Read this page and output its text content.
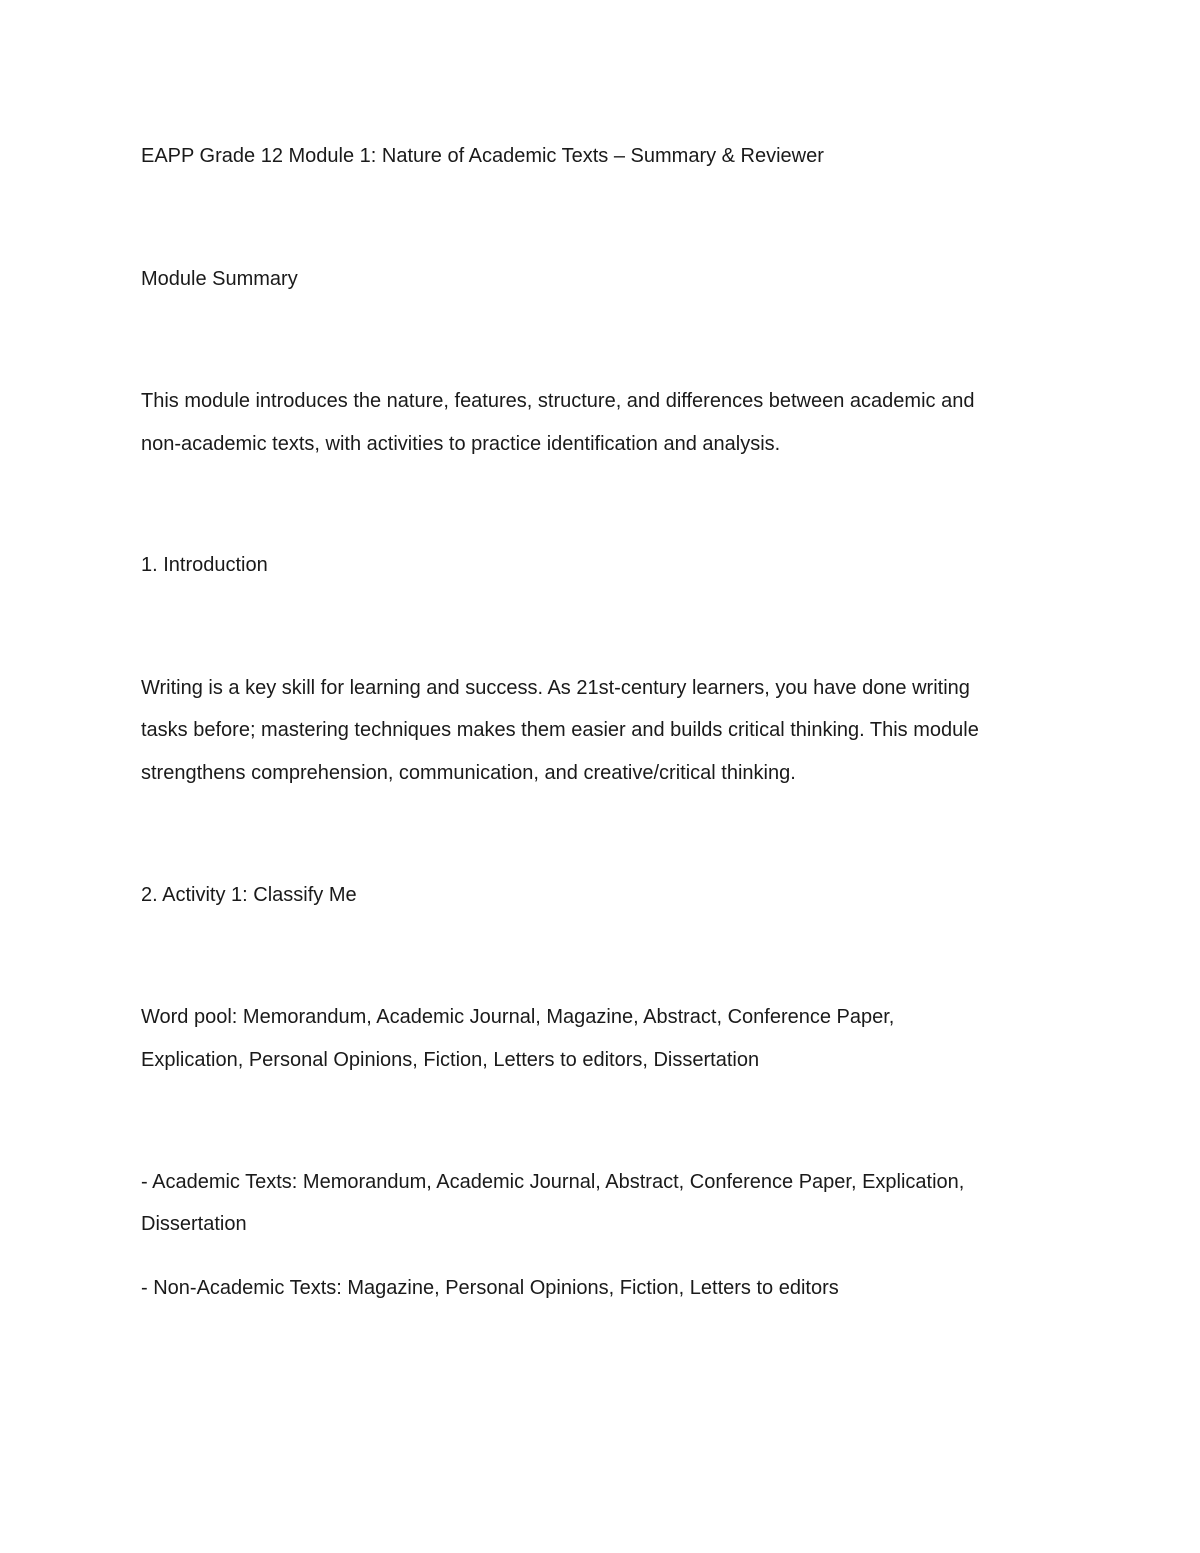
EAPP Grade 12 Module 1: Nature of Academic Texts – Summary & Reviewer

Module Summary

This module introduces the nature, features, structure, and differences between academic and

non-academic texts, with activities to practice identification and analysis.

1. Introduction

Writing is a key skill for learning and success. As 21st-century learners, you have done writing

tasks before; mastering techniques makes them easier and builds critical thinking. This module

strengthens comprehension, communication, and creative/critical thinking.

2. Activity 1: Classify Me

Word pool: Memorandum, Academic Journal, Magazine, Abstract, Conference Paper,

Explication, Personal Opinions, Fiction, Letters to editors, Dissertation

- Academic Texts: Memorandum, Academic Journal, Abstract, Conference Paper, Explication,

Dissertation

- Non-Academic Texts: Magazine, Personal Opinions, Fiction, Letters to editors
